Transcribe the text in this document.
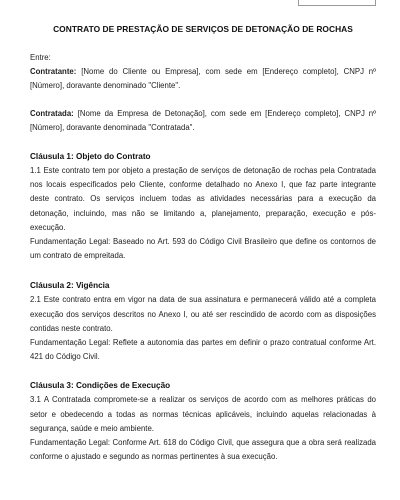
CONTRATO DE PRESTAÇÃO DE SERVIÇOS DE DETONAÇÃO DE ROCHAS

Entre:

Contratante: [Nome do Cliente ou Empresa], com sede em [Endereço completo], CNPJ nº [Número], doravante denominado "Cliente".

Contratada: [Nome da Empresa de Detonação], com sede em [Endereço completo], CNPJ nº [Número], doravante denominada "Contratada".

Cláusula 1: Objeto do Contrato

1.1 Este contrato tem por objeto a prestação de serviços de detonação de rochas pela Contratada nos locais especificados pelo Cliente, conforme detalhado no Anexo I, que faz parte integrante deste contrato. Os serviços incluem todas as atividades necessárias para a execução da detonação, incluindo, mas não se limitando a, planejamento, preparação, execução e pós-execução.

Fundamentação Legal: Baseado no Art. 593 do Código Civil Brasileiro que define os contornos de um contrato de empreitada.

Cláusula 2: Vigência

2.1 Este contrato entra em vigor na data de sua assinatura e permanecerá válido até a completa execução dos serviços descritos no Anexo I, ou até ser rescindido de acordo com as disposições contidas neste contrato.

Fundamentação Legal: Reflete a autonomia das partes em definir o prazo contratual conforme Art. 421 do Código Civil.

Cláusula 3: Condições de Execução

3.1 A Contratada compromete-se a realizar os serviços de acordo com as melhores práticas do setor e obedecendo a todas as normas técnicas aplicáveis, incluindo aquelas relacionadas à segurança, saúde e meio ambiente.

Fundamentação Legal: Conforme Art. 618 do Código Civil, que assegura que a obra será realizada conforme o ajustado e segundo as normas pertinentes à sua execução.
